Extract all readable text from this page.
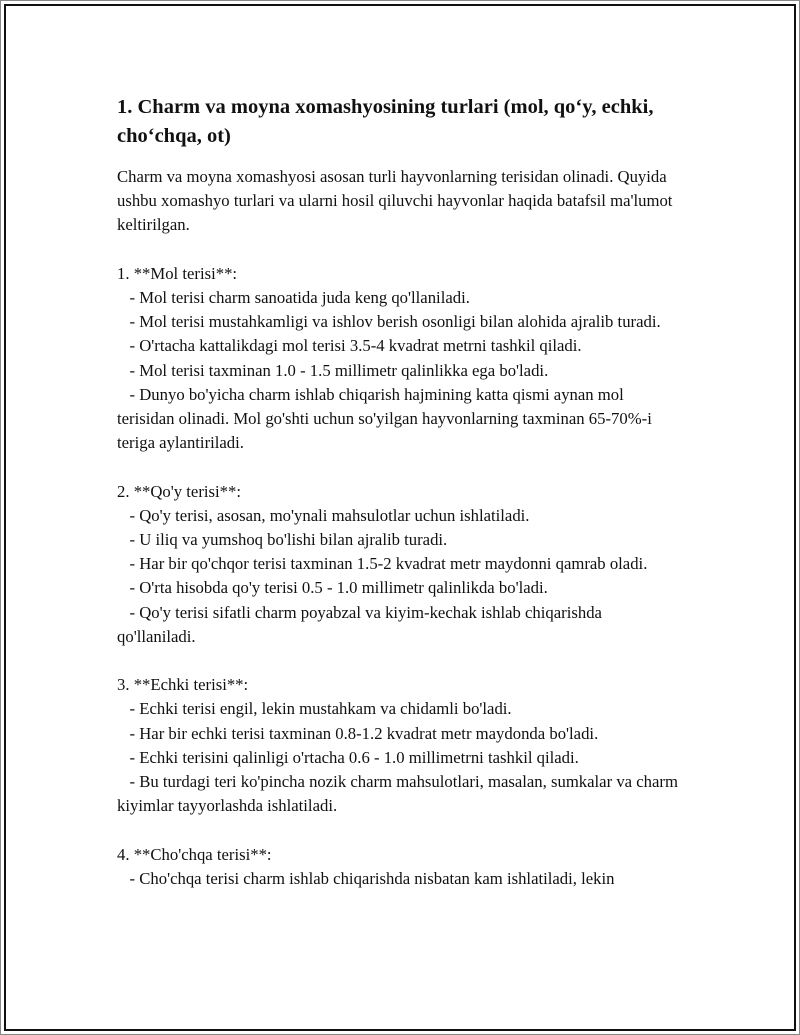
1. Charm va moyna xomashyosining turlari (mol, qo‘y, echki, cho‘chqa, ot)

Charm va moyna xomashyosi asosan turli hayvonlarning terisidan olinadi. Quyida ushbu xomashyo turlari va ularni hosil qiluvchi hayvonlar haqida batafsil ma'lumot keltirilgan.

1. **Mol terisi**:
- Mol terisi charm sanoatida juda keng qo'llaniladi.
- Mol terisi mustahkamligi va ishlov berish osonligi bilan alohida ajralib turadi.
- O'rtacha kattalikdagi mol terisi 3.5-4 kvadrat metrni tashkil qiladi.
- Mol terisi taxminan 1.0 - 1.5 millimetr qalinlikka ega bo'ladi.
- Dunyo bo'yicha charm ishlab chiqarish hajmining katta qismi aynan mol terisidan olinadi. Mol go'shti uchun so'yilgan hayvonlarning taxminan 65-70%-i teriga aylantiriladi.

2. **Qo'y terisi**:
- Qo'y terisi, asosan, mo'ynali mahsulotlar uchun ishlatiladi.
- U iliq va yumshoq bo'lishi bilan ajralib turadi.
- Har bir qo'chqor terisi taxminan 1.5-2 kvadrat metr maydonni qamrab oladi.
- O'rta hisobda qo'y terisi 0.5 - 1.0 millimetr qalinlikda bo'ladi.
- Qo'y terisi sifatli charm poyabzal va kiyim-kechak ishlab chiqarishda qo'llaniladi.

3. **Echki terisi**:
- Echki terisi engil, lekin mustahkam va chidamli bo'ladi.
- Har bir echki terisi taxminan 0.8-1.2 kvadrat metr maydonda bo'ladi.
- Echki terisini qalinligi o'rtacha 0.6 - 1.0 millimetrni tashkil qiladi.
- Bu turdagi teri ko'pincha nozik charm mahsulotlari, masalan, sumkalar va charm kiyimlar tayyorlashda ishlatiladi.

4. **Cho'chqa terisi**:
- Cho'chqa terisi charm ishlab chiqarishda nisbatan kam ishlatiladi, lekin
